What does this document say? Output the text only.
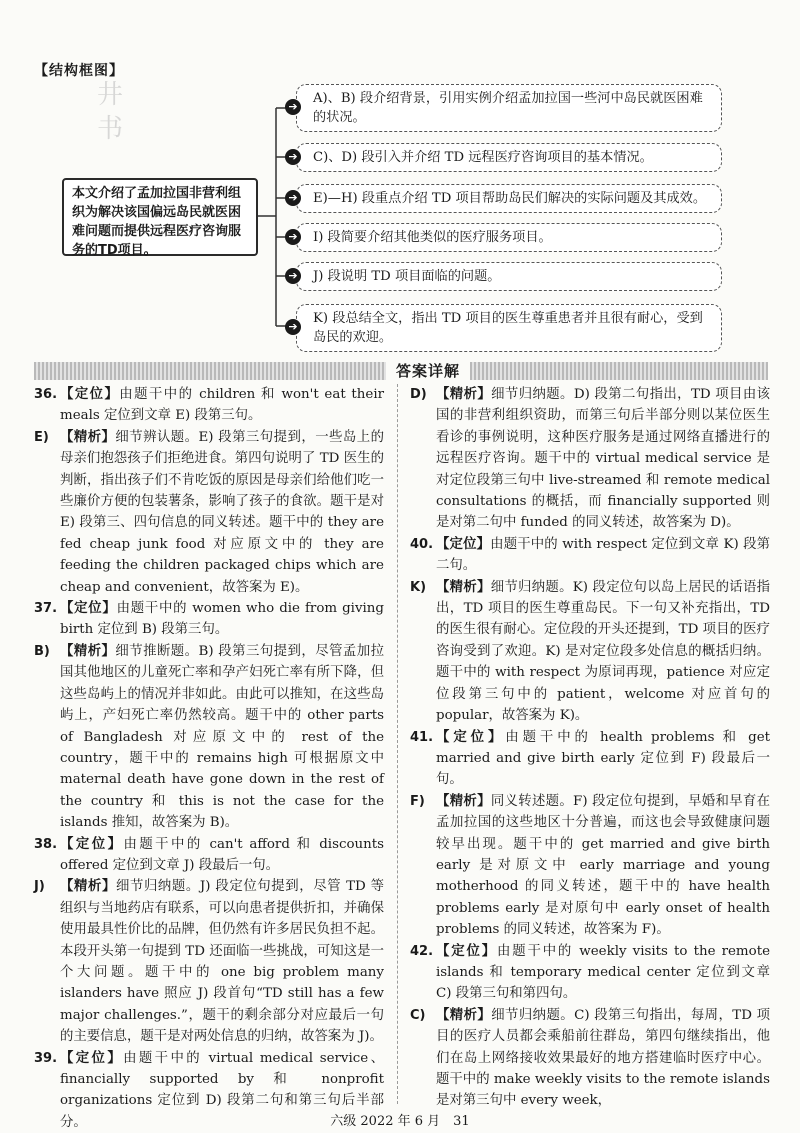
井
书
【结构框图】
本文介绍了孟加拉国非营利组织为解决该国偏远岛民就医困难问题而提供远程医疗咨询服务的TD项目。
➔
A)、B) 段介绍背景，引用实例介绍孟加拉国一些河中岛民就医困难的状况。
➔ C)、D) 段引入并介绍 TD 远程医疗咨询项目的基本情况。
➔ E)—H) 段重点介绍 TD 项目帮助岛民们解决的实际问题及其成效。
➔ I) 段简要介绍其他类似的医疗服务项目。
➔ J) 段说明 TD 项目面临的问题。
➔
K) 段总结全文，指出 TD 项目的医生尊重患者并且很有耐心，受到岛民的欢迎。
答案详解
36. 【定位】由题干中的 children 和 won't eat their meals 定位到文章 E) 段第三句。
E) 【精析】细节辨认题。E) 段第三句提到，一些岛上的母亲们抱怨孩子们拒绝进食。第四句说明了 TD 医生的判断，指出孩子们不肯吃饭的原因是母亲们给他们吃一些廉价方便的包装薯条，影响了孩子的食欲。题干是对 E) 段第三、四句信息的同义转述。题干中的 they are fed cheap junk food 对应原文中的 they are feeding the children packaged chips which are cheap and convenient，故答案为 E)。
37. 【定位】由题干中的 women who die from giving birth 定位到 B) 段第三句。
B) 【精析】细节推断题。B) 段第三句提到，尽管孟加拉国其他地区的儿童死亡率和孕产妇死亡率有所下降，但这些岛屿上的情况并非如此。由此可以推知，在这些岛屿上，产妇死亡率仍然较高。题干中的 other parts of Bangladesh 对应原文中的 rest of the country，题干中的 remains high 可根据原文中 maternal death have gone down in the rest of the country 和 this is not the case for the islands 推知，故答案为 B)。
38. 【定位】由题干中的 can't afford 和 discounts offered 定位到文章 J) 段最后一句。
J)	【精析】细节归纳题。J) 段定位句提到，尽管 TD 等组织与当地药店有联系，可以向患者提供折扣，并确保使用最具性价比的品牌，但仍然有许多居民负担不起。本段开头第一句提到 TD 还面临一些挑战，可知这是一个大问题。题干中的 one big problem many islanders have 照应 J) 段首句“TD still has a few major challenges.”，题干的剩余部分对应最后一句的主要信息，题干是对两处信息的归纳，故答案为 J)。
39. 【定位】由题干中的 virtual medical service、financially supported by 和 nonprofit organizations 定位到 D) 段第二句和第三句后半部分。
D) 【精析】细节归纳题。D) 段第二句指出，TD 项目由该国的非营利组织资助，而第三句后半部分则以某位医生看诊的事例说明，这种医疗服务是通过网络直播进行的远程医疗咨询。题干中的 virtual medical service 是对定位段第三句中 live-streamed 和 remote medical consultations 的概括，而 financially supported 则是对第二句中 funded 的同义转述，故答案为 D)。
40. 【定位】由题干中的 with respect 定位到文章 K) 段第二句。
K) 【精析】细节归纳题。K) 段定位句以岛上居民的话语指出，TD 项目的医生尊重岛民。下一句又补充指出，TD 的医生很有耐心。定位段的开头还提到，TD 项目的医疗咨询受到了欢迎。K) 是对定位段多处信息的概括归纳。题干中的 with respect 为原词再现，patience 对应定位段第三句中的 patient，welcome 对应首句的 popular，故答案为 K)。
41. 【定位】由题干中的 health problems 和 get married and give birth early 定位到 F) 段最后一句。
F) 【精析】同义转述题。F) 段定位句提到，早婚和早育在孟加拉国的这些地区十分普遍，而这也会导致健康问题较早出现。题干中的 get married and give birth early 是对原文中 early marriage and young motherhood 的同义转述，题干中的 have health problems early 是对原句中 early onset of health problems 的同义转述，故答案为 F)。
42. 【定位】由题干中的 weekly visits to the remote islands 和 temporary medical center 定位到文章 C) 段第三句和第四句。
C) 【精析】细节归纳题。C) 段第三句指出，每周，TD 项目的医疗人员都会乘船前往群岛，第四句继续指出，他们在岛上网络接收效果最好的地方搭建临时医疗中心。题干中的 make weekly visits to the remote islands 是对第三句中 every week，
六级 2022 年 6 月　31
